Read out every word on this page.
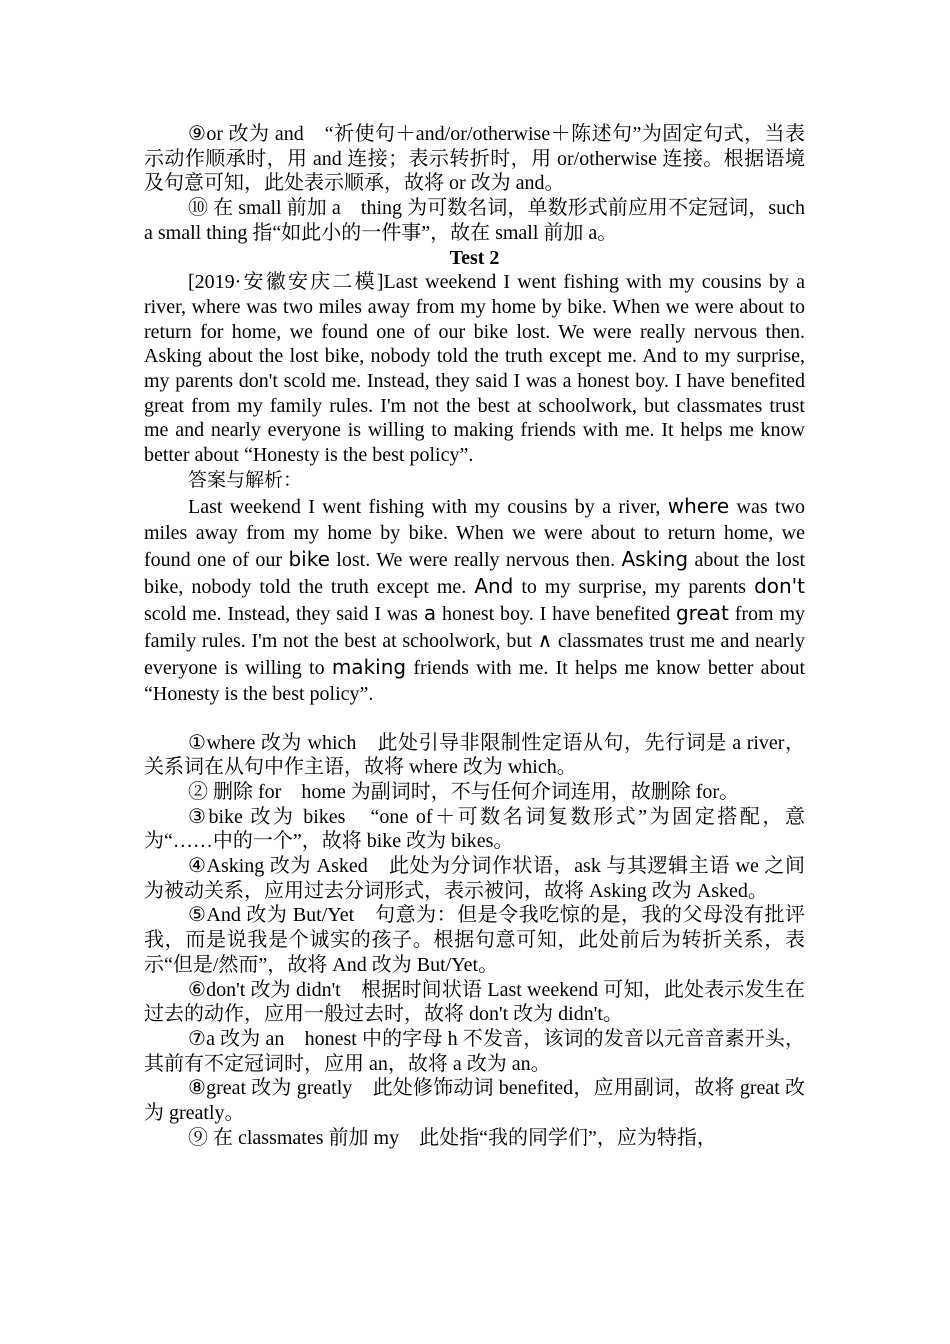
⑨or 改为 and　“祈使句＋and/or/otherwise＋陈述句”为固定句式，当表示动作顺承时，用 and 连接；表示转折时，用 or/otherwise 连接。根据语境及句意可知，此处表示顺承，故将 or 改为 and。

⑩ 在 small 前加 a　thing 为可数名词，单数形式前应用不定冠词，such a small thing 指“如此小的一件事”，故在 small 前加 a。

Test 2

[2019·安徽安庆二模]Last weekend I went fishing with my cousins by a river, where was two miles away from my home by bike. When we were about to return for home, we found one of our bike lost. We were really nervous then. Asking about the lost bike, nobody told the truth except me. And to my surprise, my parents don't scold me. Instead, they said I was a honest boy. I have benefited great from my family rules. I'm not the best at schoolwork, but classmates trust me and nearly everyone is willing to making friends with me. It helps me know better about “Honesty is the best policy”.

答案与解析：

Last weekend I went fishing with my cousins by a river, where was two miles away from my home by bike. When we were about to return home, we found one of our bike lost. We were really nervous then. Asking about the lost bike, nobody told the truth except me. And to my surprise, my parents don't scold me. Instead, they said I was a honest boy. I have benefited great from my family rules. I'm not the best at schoolwork, but ∧ classmates trust me and nearly everyone is willing to making friends with me. It helps me know better about “Honesty is the best policy”.

①where 改为 which　此处引导非限制性定语从句，先行词是 a river，关系词在从句中作主语，故将 where 改为 which。

② 删除 for　home 为副词时，不与任何介词连用，故删除 for。

③bike 改为 bikes　“one of＋可数名词复数形式”为固定搭配，意为“……中的一个”，故将 bike 改为 bikes。

④Asking 改为 Asked　此处为分词作状语，ask 与其逻辑主语 we 之间为被动关系，应用过去分词形式，表示被问，故将 Asking 改为 Asked。

⑤And 改为 But/Yet　句意为：但是令我吃惊的是，我的父母没有批评我，而是说我是个诚实的孩子。根据句意可知，此处前后为转折关系，表示“但是/然而”，故将 And 改为 But/Yet。

⑥don't 改为 didn't　根据时间状语 Last weekend 可知，此处表示发生在过去的动作，应用一般过去时，故将 don't 改为 didn't。

⑦a 改为 an　honest 中的字母 h 不发音，该词的发音以元音音素开头，其前有不定冠词时，应用 an，故将 a 改为 an。

⑧great 改为 greatly　此处修饰动词 benefited，应用副词，故将 great 改为 greatly。

⑨ 在 classmates 前加 my　此处指“我的同学们”，应为特指，
